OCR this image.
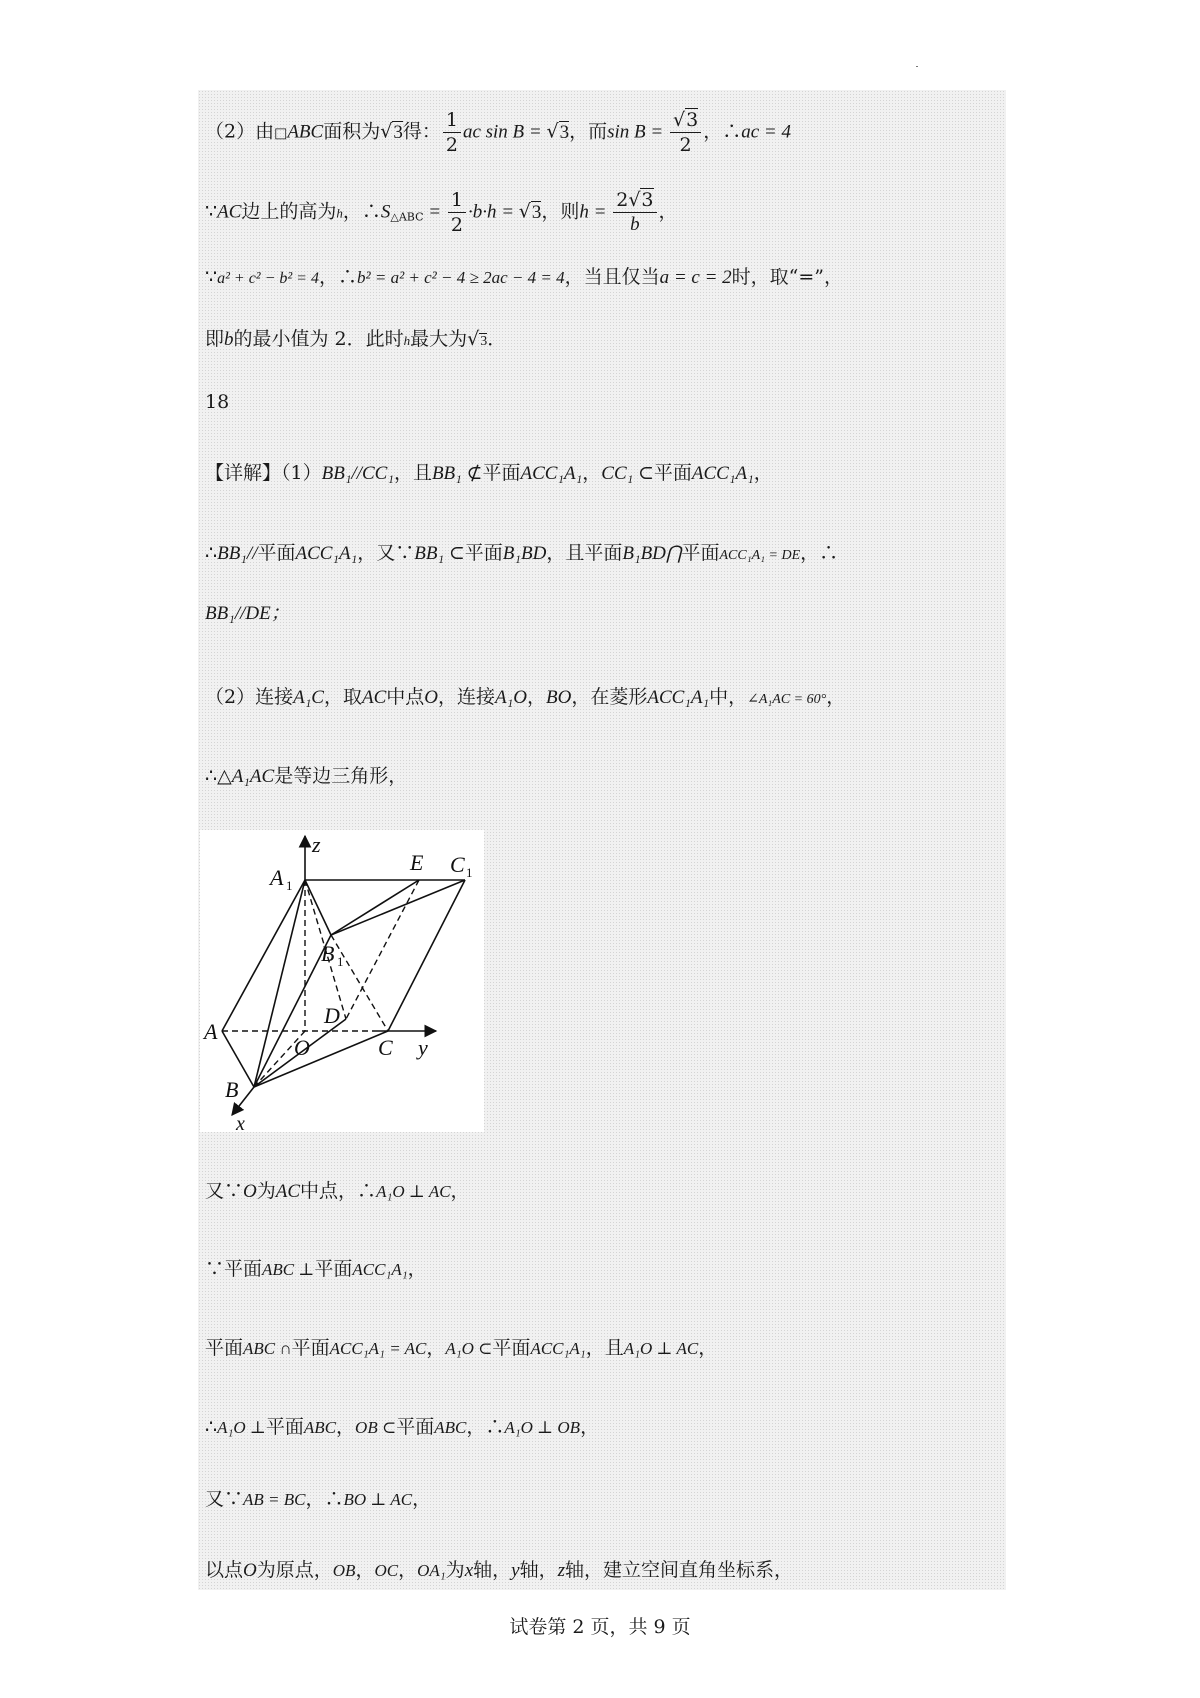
（2）由□ABC面积为√3得： $\frac{1}{2}$ ac sin B = √3，而$\sin B = \frac{√3}{2}$ ，∴ac = 4
∵AC边上的高为h，$\therefore S_{\triangle ABC} = \frac{1}{2} \cdot b\cdot h = √3$，则$h = \frac{2√3}{b}$ ，
∵a² + c² − b² = 4，∴b² = a² + c² − 4 ≥ 2ac − 4 = 4，当且仅当a = c = 2时，取“=”，
即b的最小值为 2．此时h最大为√3．
18
【详解】（1）BB₁//CC₁，且BB₁ ⊄平面ACC₁A₁，CC₁ ⊂平面ACC₁A₁，
∴BB₁//平面ACC₁A₁，又∵BB₁ ⊂平面B₁BD，且平面B₁BD⋂平面ACC₁A₁ = DE，∴
BB₁//DE；
（2）连接A₁C，取AC中点O，连接A₁O，BO，在菱形ACC₁A₁中，∠A₁AC = 60°，
∴△A₁AC是等边三角形，
z
A 1
E C 1
B 1
D
A
O	C y
B
x
又∵O为AC中点，∴A₁O ⊥ AC，
∵平面ABC ⊥平面ACC₁A₁，
平面ABC ∩平面ACC₁A₁ = AC，A₁O ⊂平面ACC₁A₁，且A₁O ⊥ AC，
∴A₁O ⊥平面ABC，OB ⊂平面ABC，∴A₁O ⊥ OB，
又∵AB = BC，∴BO ⊥ AC，
以点O为原点，OB，OC，OA₁为x轴，y轴，z轴，建立空间直角坐标系，
试卷第 2 页，共 9 页
